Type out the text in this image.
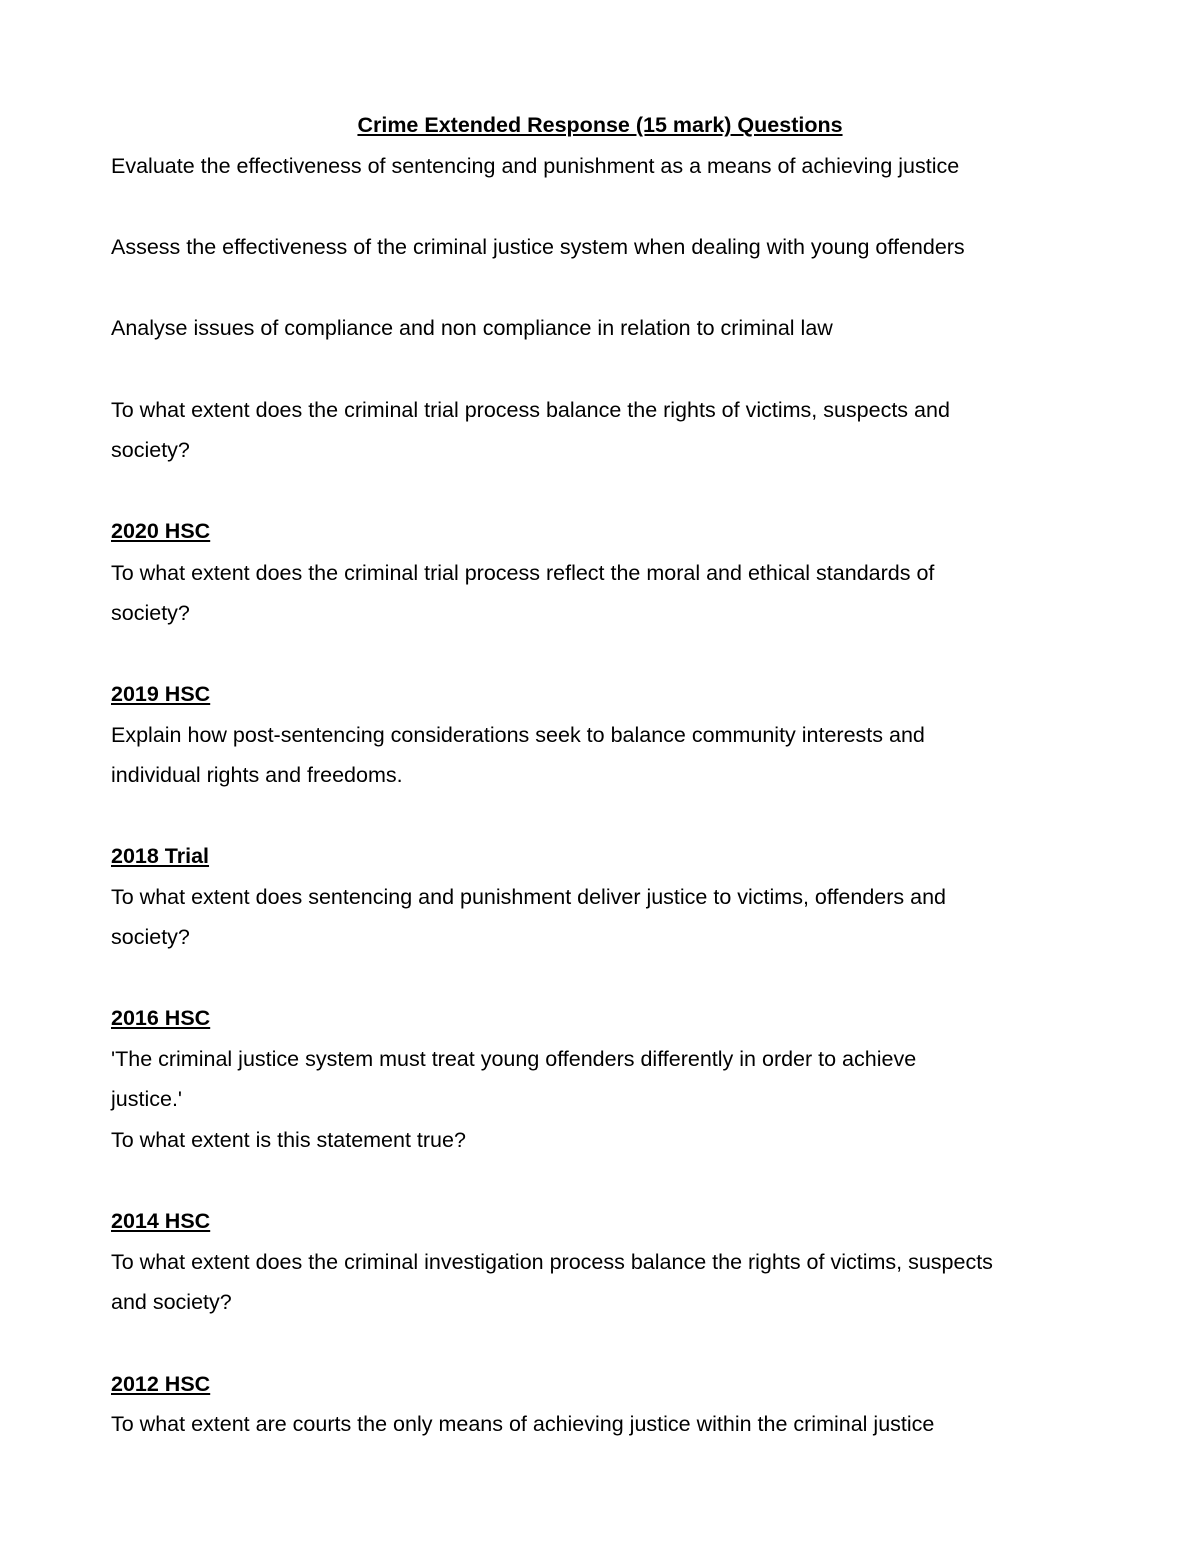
Crime Extended Response (15 mark) Questions

Evaluate the effectiveness of sentencing and punishment as a means of achieving justice

Assess the effectiveness of the criminal justice system when dealing with young offenders

Analyse issues of compliance and non compliance in relation to criminal law

To what extent does the criminal trial process balance the rights of victims, suspects and

society?

2020 HSC

To what extent does the criminal trial process reflect the moral and ethical standards of

society?

2019 HSC

Explain how post-sentencing considerations seek to balance community interests and

individual rights and freedoms.

2018 Trial

To what extent does sentencing and punishment deliver justice to victims, offenders and

society?

2016 HSC

'The criminal justice system must treat young offenders differently in order to achieve

justice.'

To what extent is this statement true?

2014 HSC

To what extent does the criminal investigation process balance the rights of victims, suspects

and society?

2012 HSC

To what extent are courts the only means of achieving justice within the criminal justice
